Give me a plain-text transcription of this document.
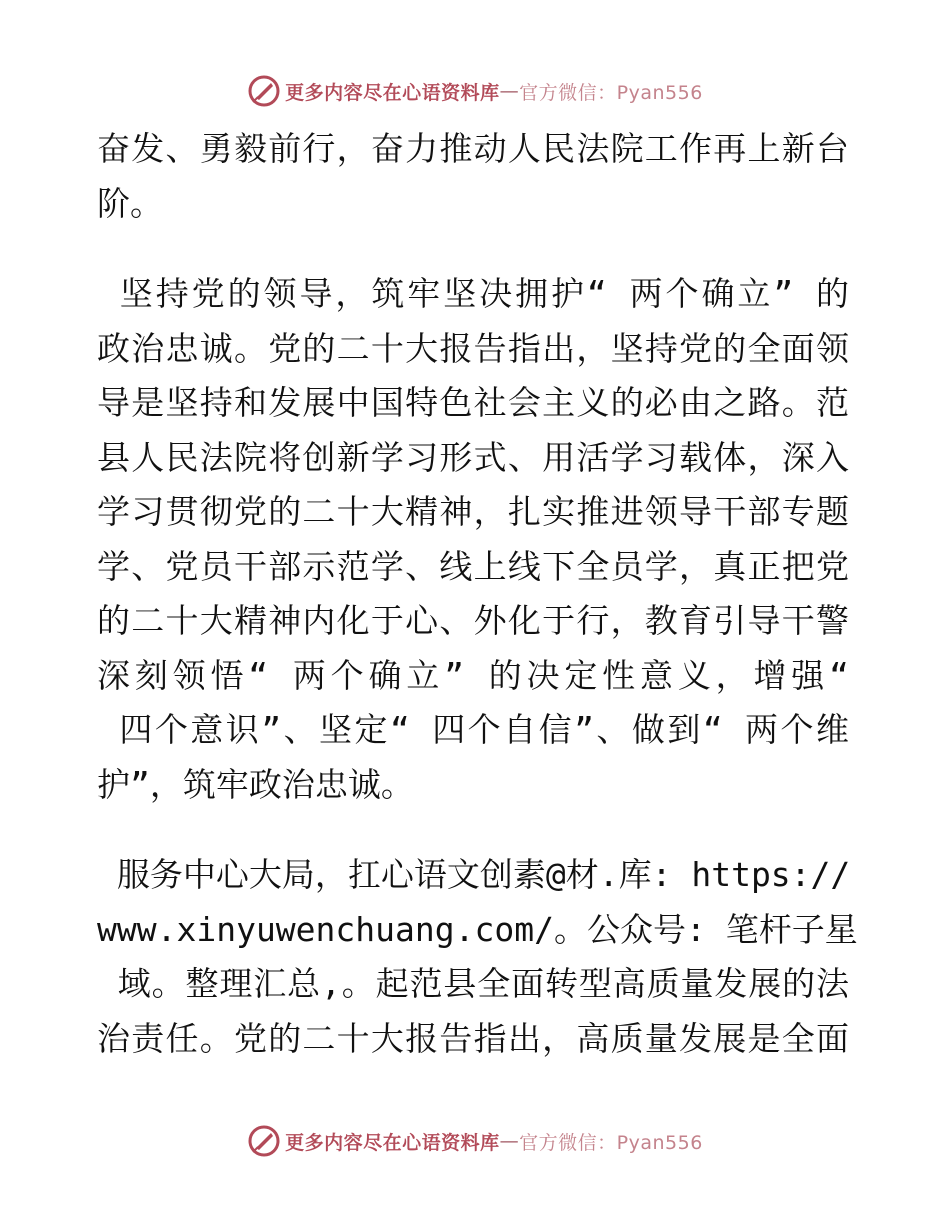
更多内容尽在心语资料库 — 官方微信：Pyan556
奋发、勇毅前行，奋力推动人民法院工作再上新台
阶。
坚持党的领导，筑牢坚决拥护“ 两个确立” 的
政治忠诚。党的二十大报告指出，坚持党的全面领
导是坚持和发展中国特色社会主义的必由之路。范
县人民法院将创新学习形式、用活学习载体，深入
学习贯彻党的二十大精神，扎实推进领导干部专题
学、党员干部示范学、线上线下全员学，真正把党
的二十大精神内化于心、外化于行，教育引导干警
深刻领悟“ 两个确立” 的决定性意义，增强“
四个意识”、坚定“ 四个自信”、做到“ 两个维
护”，筑牢政治忠诚。
服务中心大局，扛心语文创素@材.库: https://
www.xinyuwenchuang.com/。公众号: 笔杆子星
域。整理汇总,。起范县全面转型高质量发展的法
治责任。党的二十大报告指出，高质量发展是全面
更多内容尽在心语资料库 — 官方微信：Pyan556
